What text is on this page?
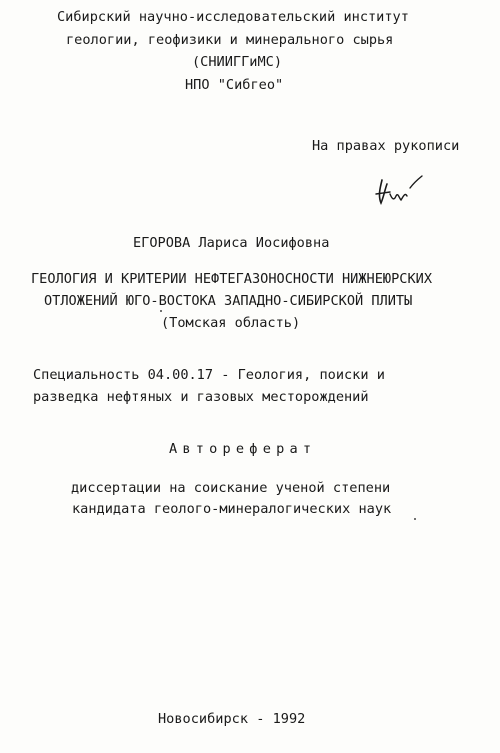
Сибирский научно-исследовательский институт
геологии, геофизики и минерального сырья
(СНИИГГиМС)
НПО "Сибгео"
На правах рукописи
ЕГОРОВА Лариса Иосифовна
ГЕОЛОГИЯ И КРИТЕРИИ НЕФТЕГАЗОНОСНОСТИ НИЖНЕЮРСКИХ
ОТЛОЖЕНИЙ ЮГО-ВОСТОКА ЗАПАДНО-СИБИРСКОЙ ПЛИТЫ
(Томская область)
Специальность 04.00.17 - Геология, поиски и
разведка нефтяных и газовых месторождений
Автореферат
диссертации на соискание ученой степени
кандидата геолого-минералогических наук
Новосибирск - 1992
